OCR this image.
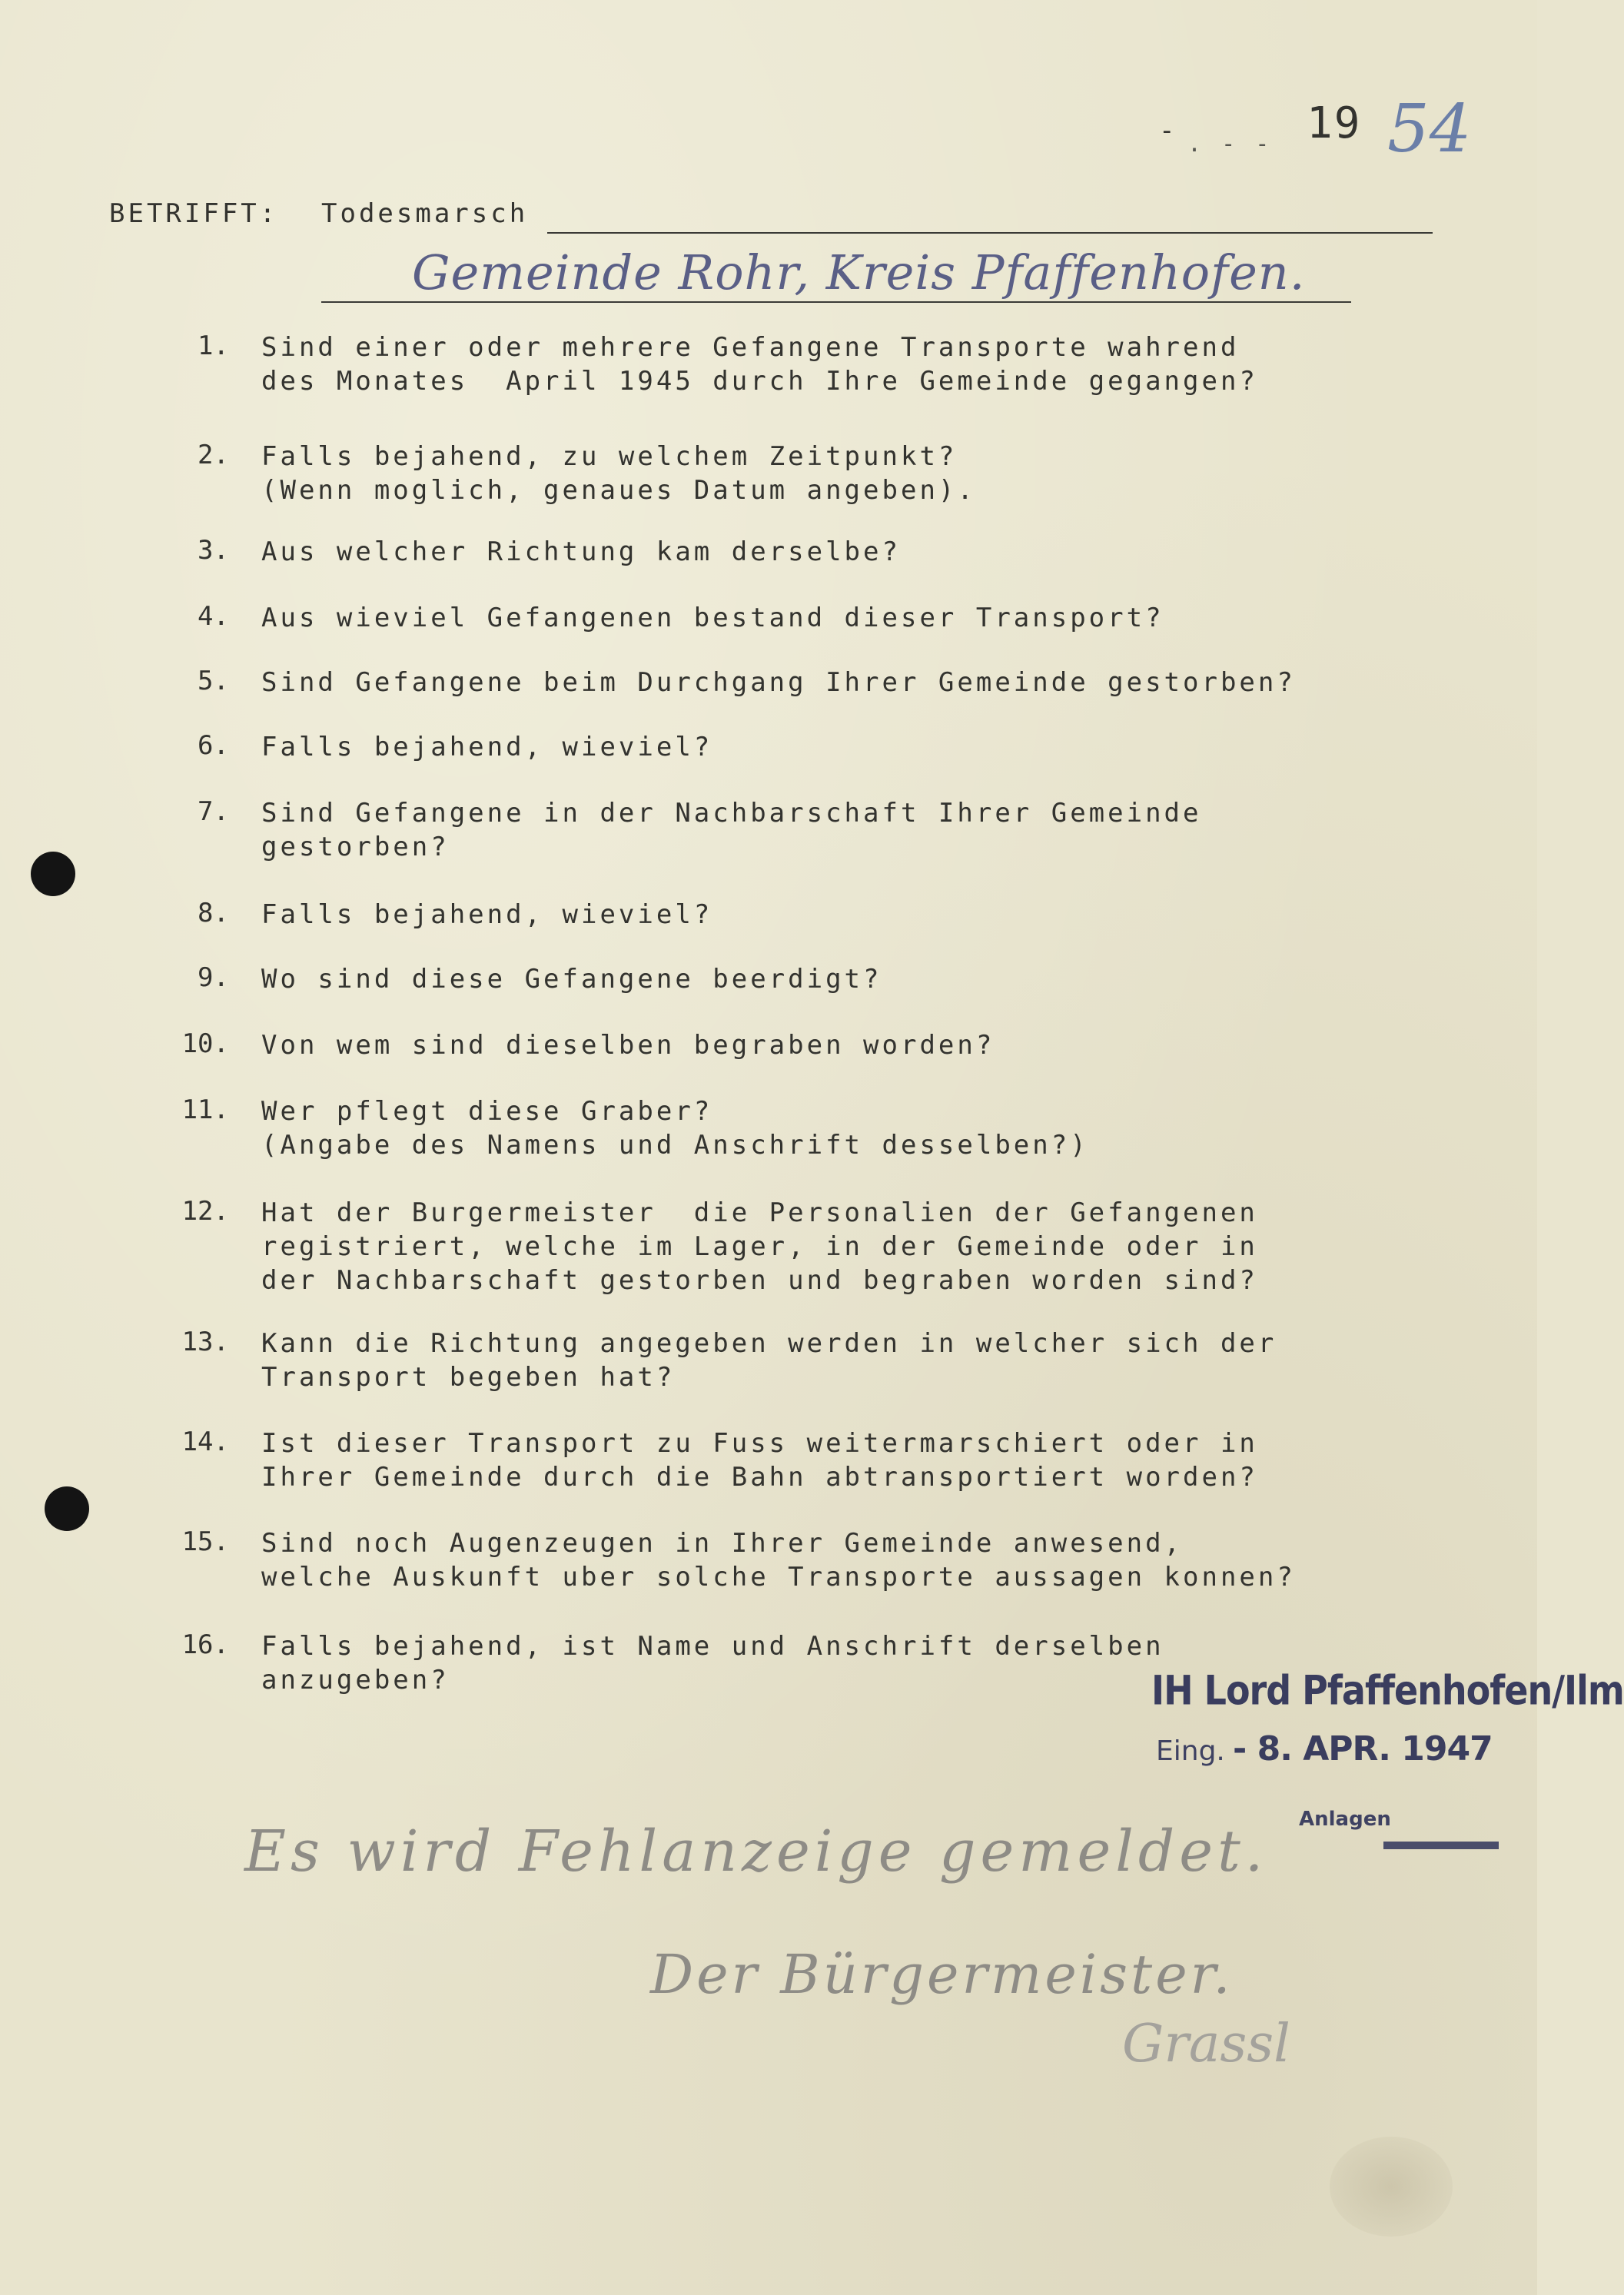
- . - - 19 54
BETRIFFT: Todesmarsch
Gemeinde Rohr, Kreis Pfaffenhofen.
1. Sind einer oder mehrere Gefangene Transporte wahrend
des Monates  April 1945 durch Ihre Gemeinde gegangen?
2. Falls bejahend, zu welchem Zeitpunkt?
(Wenn moglich, genaues Datum angeben).
3. Aus welcher Richtung kam derselbe?
4. Aus wieviel Gefangenen bestand dieser Transport?
5. Sind Gefangene beim Durchgang Ihrer Gemeinde gestorben?
6. Falls bejahend, wieviel?
7. Sind Gefangene in der Nachbarschaft Ihrer Gemeinde
gestorben?
8. Falls bejahend, wieviel?
9. Wo sind diese Gefangene beerdigt?
10. Von wem sind dieselben begraben worden?
11. Wer pflegt diese Graber?
(Angabe des Namens und Anschrift desselben?)
12. Hat der Burgermeister  die Personalien der Gefangenen
registriert, welche im Lager, in der Gemeinde oder in
der Nachbarschaft gestorben und begraben worden sind?
13. Kann die Richtung angegeben werden in welcher sich der
Transport begeben hat?
14. Ist dieser Transport zu Fuss weitermarschiert oder in
Ihrer Gemeinde durch die Bahn abtransportiert worden?
15. Sind noch Augenzeugen in Ihrer Gemeinde anwesend,
welche Auskunft uber solche Transporte aussagen konnen?
16. Falls bejahend, ist Name und Anschrift derselben
anzugeben?	IH Lord Pfaffenhofen/Ilm
Eing. - 8. APR. 1947
Anlagen
Es wird Fehlanzeige gemeldet.
Der Bürgermeister.
Grassl
